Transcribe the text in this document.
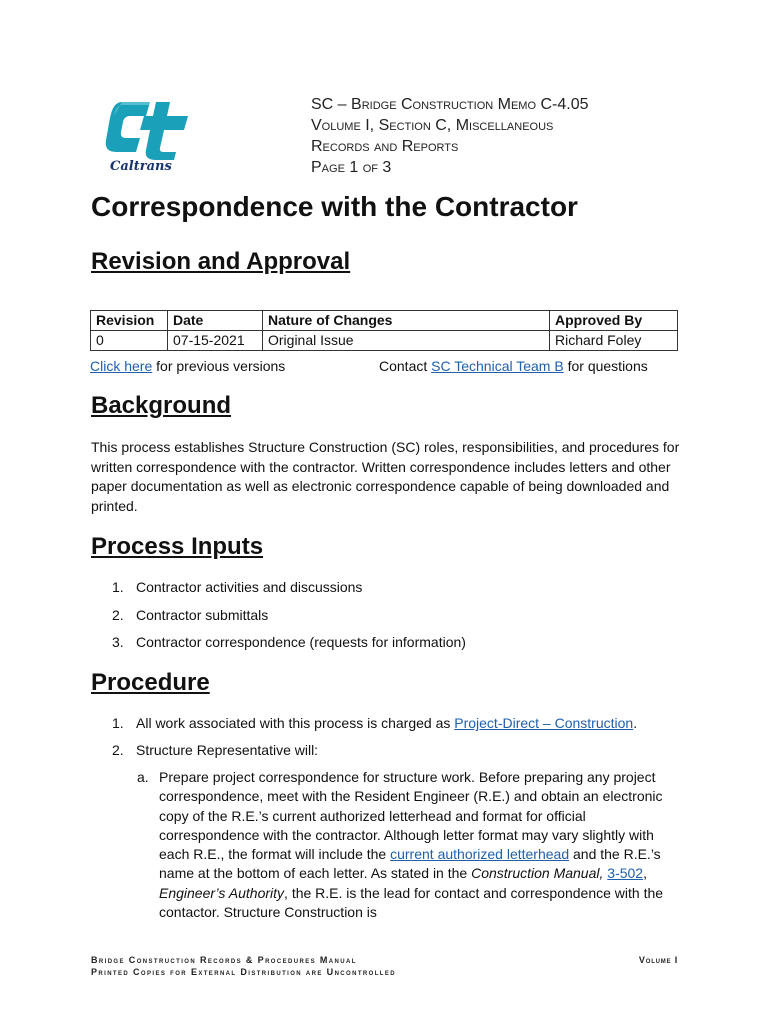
Caltrans
SC – Bridge Construction Memo C-4.05
Volume I, Section C, Miscellaneous
Records and Reports
Page 1 of 3
Correspondence with the Contractor
Revision and Approval
Revision	Date	Nature of Changes	Approved By
0	07-15-2021	Original Issue	Richard Foley
Click here for previous versions	Contact SC Technical Team B for questions
Background
This process establishes Structure Construction (SC) roles, responsibilities, and procedures for written correspondence with the contractor. Written correspondence includes letters and other paper documentation as well as electronic correspondence capable of being downloaded and printed.
Process Inputs
1. Contractor activities and discussions
2. Contractor submittals
3. Contractor correspondence (requests for information)
Procedure
1. All work associated with this process is charged as Project-Direct – Construction.
2. Structure Representative will:
a. Prepare project correspondence for structure work. Before preparing any project correspondence, meet with the Resident Engineer (R.E.) and obtain an electronic copy of the R.E.’s current authorized letterhead and format for official correspondence with the contractor. Although letter format may vary slightly with each R.E., the format will include the current authorized letterhead and the R.E.’s name at the bottom of each letter. As stated in the Construction Manual, 3-502, Engineer’s Authority, the R.E. is the lead for contact and correspondence with the contactor. Structure Construction is
Bridge Construction Records & Procedures Manual
Printed Copies for External Distribution are Uncontrolled
Volume I
